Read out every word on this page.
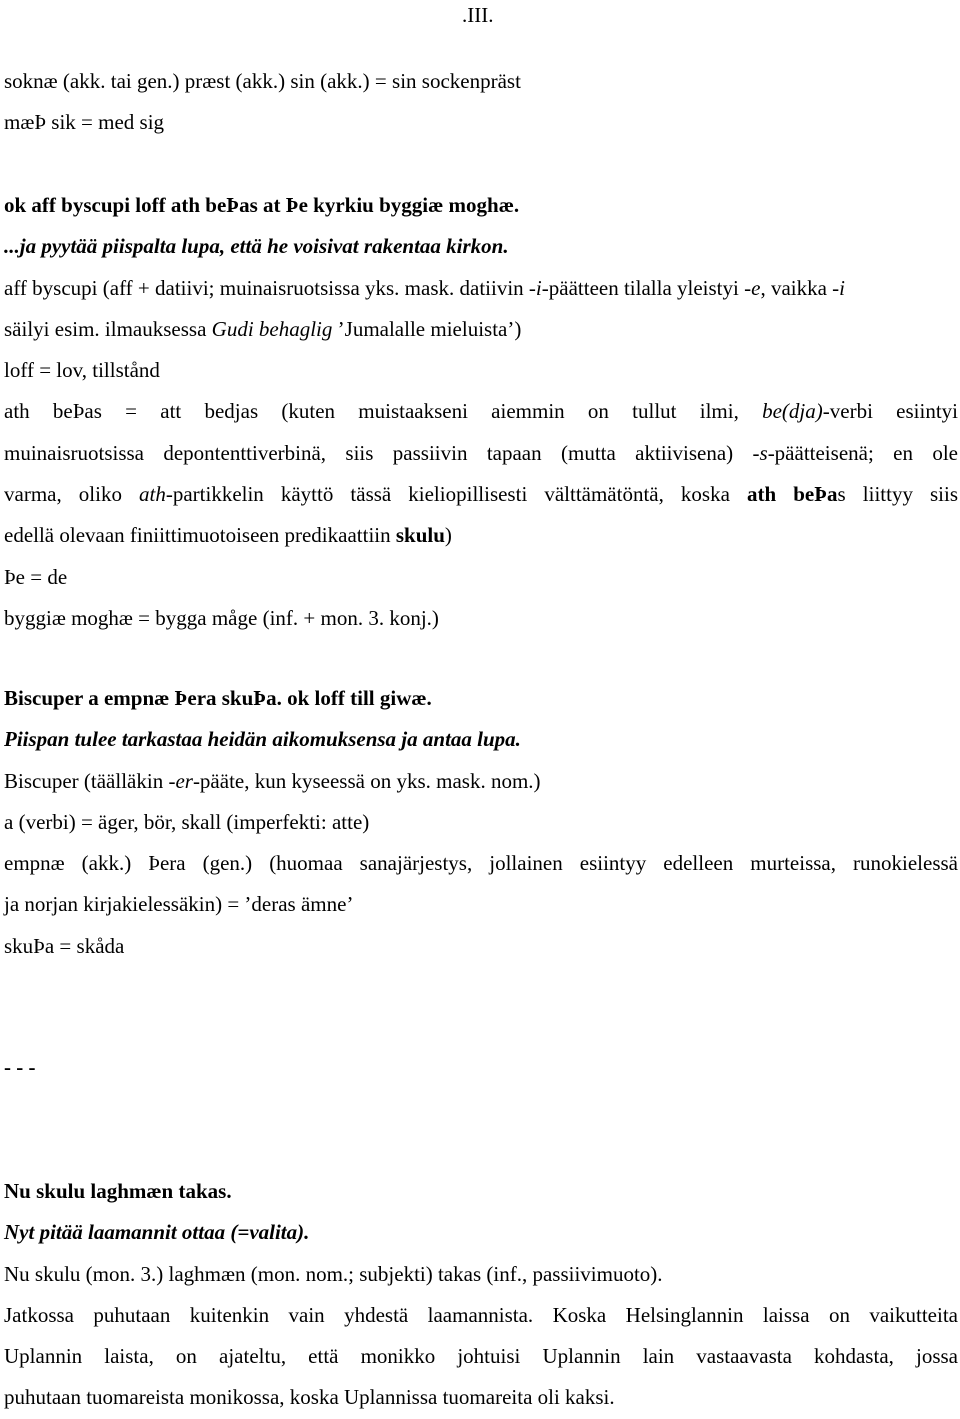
.III.
soknæ (akk. tai gen.) præst (akk.) sin (akk.) = sin sockenpräst
mæÞ sik = med sig
ok aff byscupi loff ath beÞas at Þe kyrkiu byggiæ moghæ.
...ja pyytää piispalta lupa, että he voisivat rakentaa kirkon.
aff byscupi (aff + datiivi; muinaisruotsissa yks. mask. datiivin -i-päätteen tilalla yleistyi -e, vaikka -i
säilyi esim. ilmauksessa Gudi behaglig ’Jumalalle mieluista’)
loff = lov, tillstånd
ath beÞas = att bedjas (kuten muistaakseni aiemmin on tullut ilmi, be(dja)-verbi esiintyi
muinaisruotsissa depontenttiverbinä, siis passiivin tapaan (mutta aktiivisena) -s-päätteisenä; en ole
varma, oliko ath-partikkelin käyttö tässä kieliopillisesti välttämätöntä, koska ath beÞas liittyy siis
edellä olevaan finiittimuotoiseen predikaattiin skulu)
Þe = de
byggiæ moghæ = bygga måge (inf. + mon. 3. konj.)
Biscuper a empnæ Þera skuÞa. ok loff till giwæ.
Piispan tulee tarkastaa heidän aikomuksensa ja antaa lupa.
Biscuper (täälläkin -er-pääte, kun kyseessä on yks. mask. nom.)
a (verbi) = äger, bör, skall (imperfekti: atte)
empnæ (akk.) Þera (gen.) (huomaa sanajärjestys, jollainen esiintyy edelleen murteissa, runokielessä
ja norjan kirjakielessäkin) = ’deras ämne’
skuÞa = skåda
- - -
Nu skulu laghmæn takas.
Nyt pitää laamannit ottaa (=valita).
Nu skulu (mon. 3.) laghmæn (mon. nom.; subjekti) takas (inf., passiivimuoto).
Jatkossa puhutaan kuitenkin vain yhdestä laamannista. Koska Helsinglannin laissa on vaikutteita
Uplannin laista, on ajateltu, että monikko johtuisi Uplannin lain vastaavasta kohdasta, jossa
puhutaan tuomareista monikossa, koska Uplannissa tuomareita oli kaksi.
